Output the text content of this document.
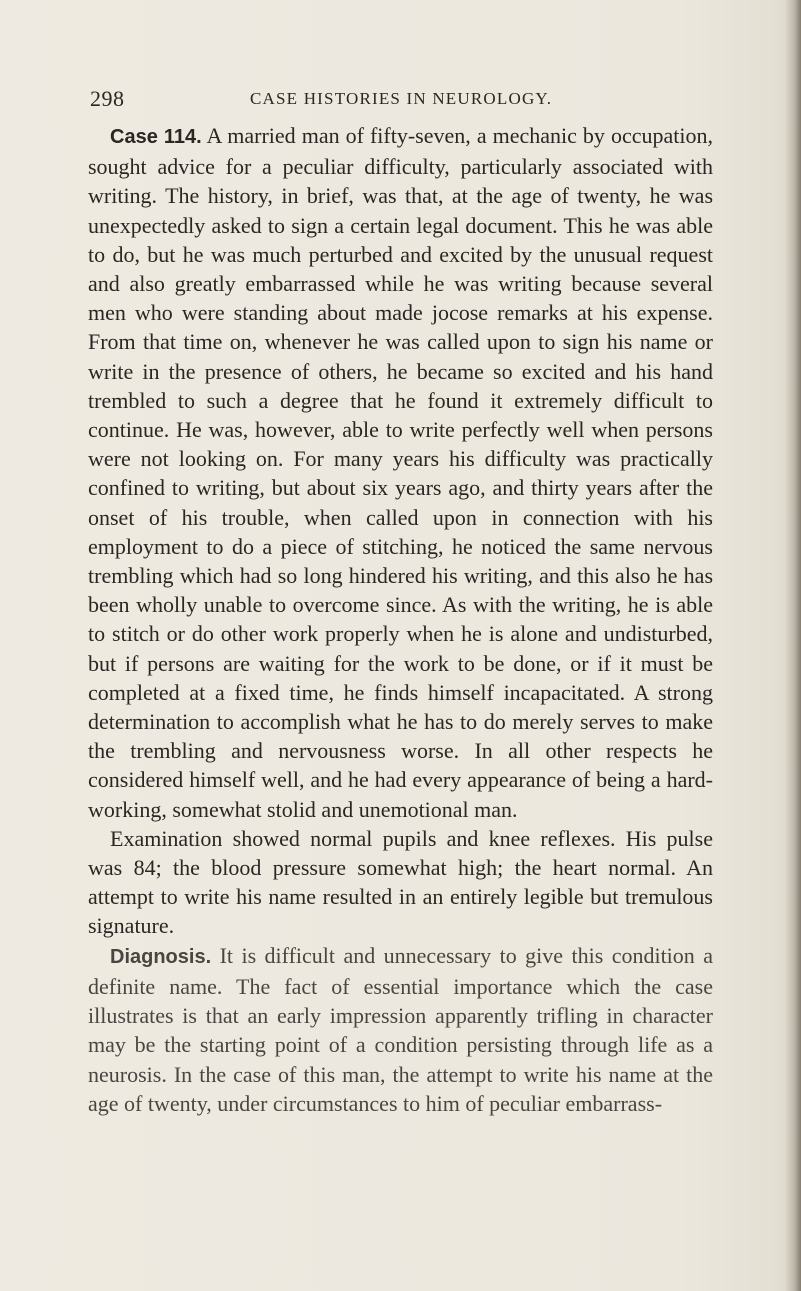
298	CASE HISTORIES IN NEUROLOGY.

Case 114. A married man of fifty-seven, a mechanic by occupation, sought advice for a peculiar difficulty, particularly associated with writing. The history, in brief, was that, at the age of twenty, he was unexpectedly asked to sign a certain legal document. This he was able to do, but he was much perturbed and excited by the unusual request and also greatly embarrassed while he was writing because several men who were standing about made jocose remarks at his expense. From that time on, whenever he was called upon to sign his name or write in the presence of others, he became so excited and his hand trembled to such a degree that he found it extremely difficult to continue. He was, however, able to write perfectly well when persons were not looking on. For many years his difficulty was practically confined to writing, but about six years ago, and thirty years after the onset of his trouble, when called upon in connection with his employment to do a piece of stitching, he noticed the same nervous trembling which had so long hindered his writing, and this also he has been wholly unable to overcome since. As with the writing, he is able to stitch or do other work properly when he is alone and undisturbed, but if persons are waiting for the work to be done, or if it must be completed at a fixed time, he finds himself incapacitated. A strong determination to accomplish what he has to do merely serves to make the trembling and nervousness worse. In all other respects he considered himself well, and he had every appearance of being a hard-working, somewhat stolid and unemotional man.

Examination showed normal pupils and knee reflexes. His pulse was 84; the blood pressure somewhat high; the heart normal. An attempt to write his name resulted in an entirely legible but tremulous signature.

Diagnosis. It is difficult and unnecessary to give this condition a definite name. The fact of essential importance which the case illustrates is that an early impression apparently trifling in character may be the starting point of a condition persisting through life as a neurosis. In the case of this man, the attempt to write his name at the age of twenty, under circumstances to him of peculiar embarrass-
